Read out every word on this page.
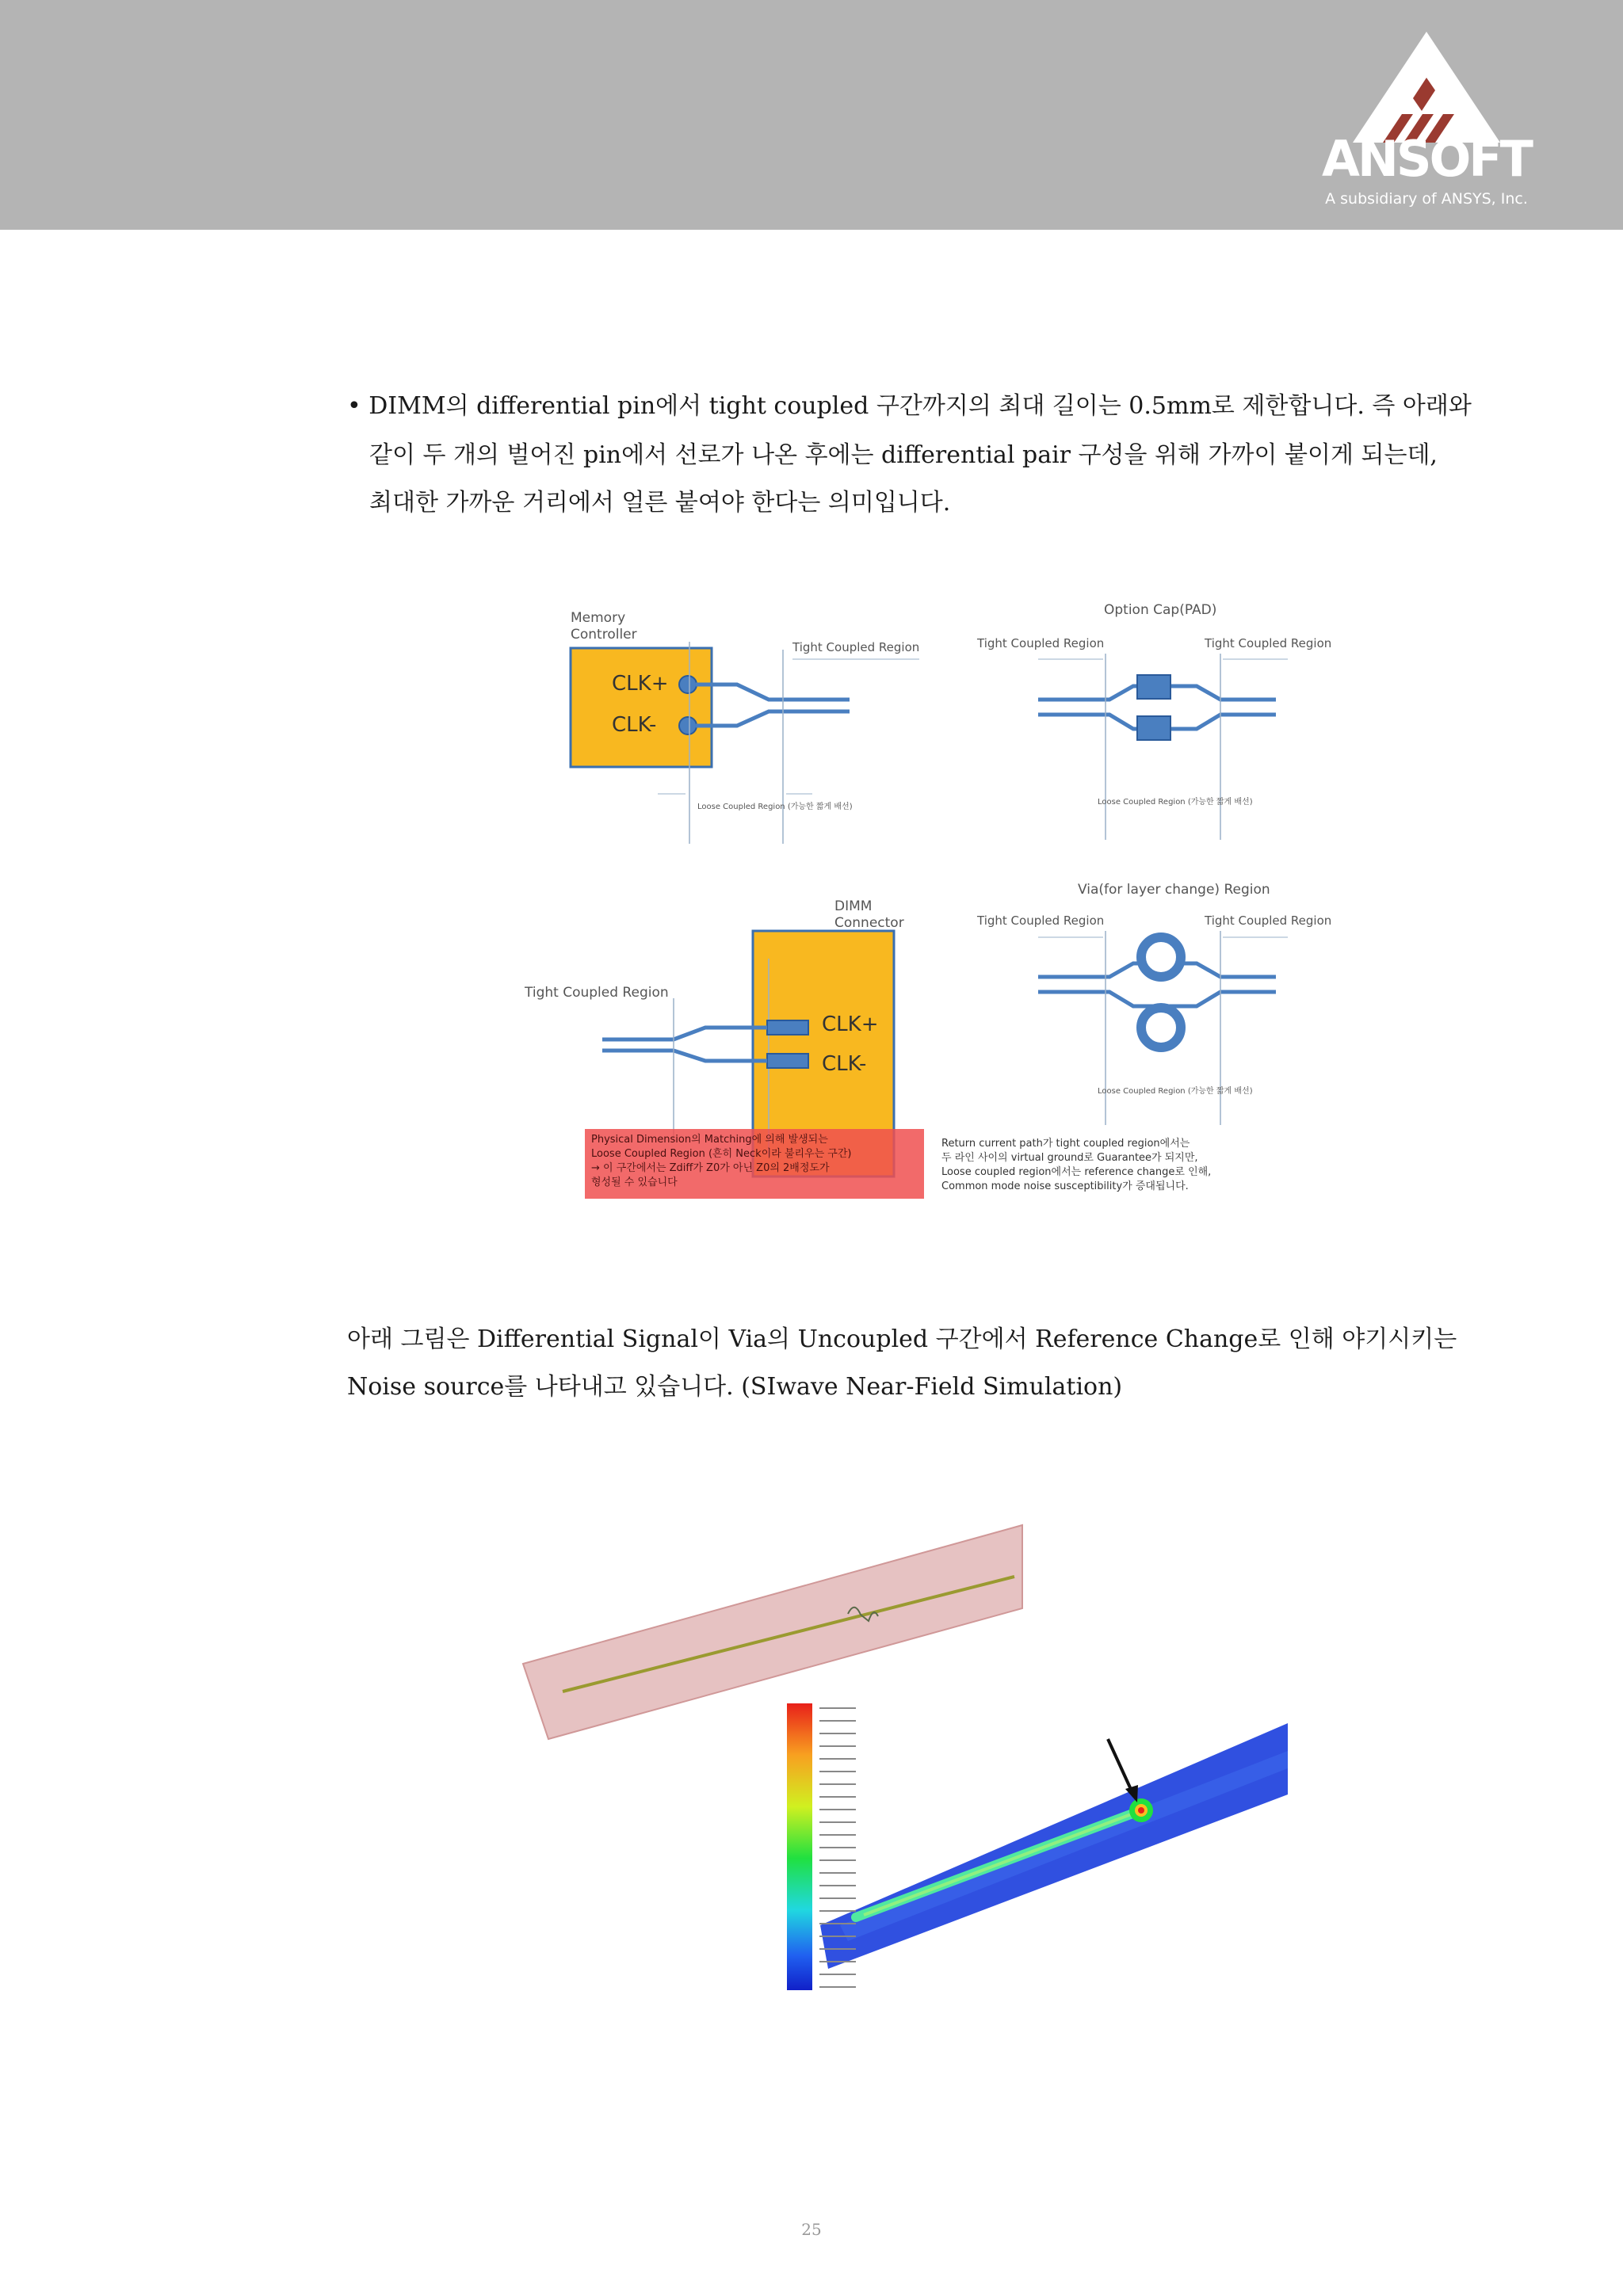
ANSOFT
A subsidiary of ANSYS, Inc.
• DIMM의 differential pin에서 tight coupled 구간까지의 최대 길이는 0.5mm로 제한합니다. 즉 아래와
같이 두 개의 벌어진 pin에서 선로가 나온 후에는 differential pair 구성을 위해 가까이 붙이게 되는데,
최대한 가까운 거리에서 얼른 붙여야 한다는 의미입니다.
Memory
Controller
CLK+
CLK-
Tight Coupled Region
Loose Coupled Region (가능한 짧게 배선)
Option Cap(PAD)
Tight Coupled Region	Tight Coupled Region
Loose Coupled Region (가능한 짧게 배선)
DIMM
Connector
Tight Coupled Region
CLK+
CLK-
Physical Dimension의 Matching에 의해 발생되는
Loose Coupled Region (흔히 Neck이라 불리우는 구간)
→ 이 구간에서는 Zdiff가 Z0가 아닌 Z0의 2배정도가
형성될 수 있습니다
Via(for layer change) Region
Tight Coupled Region	Tight Coupled Region
Loose Coupled Region (가능한 짧게 배선)
Return current path가 tight coupled region에서는
두 라인 사이의 virtual ground로 Guarantee가 되지만,
Loose coupled region에서는 reference change로 인해,
Common mode noise susceptibility가 증대됩니다.
아래 그림은 Differential Signal이 Via의 Uncoupled 구간에서 Reference Change로 인해 야기시키는
Noise source를 나타내고 있습니다. (SIwave Near-Field Simulation)
25
